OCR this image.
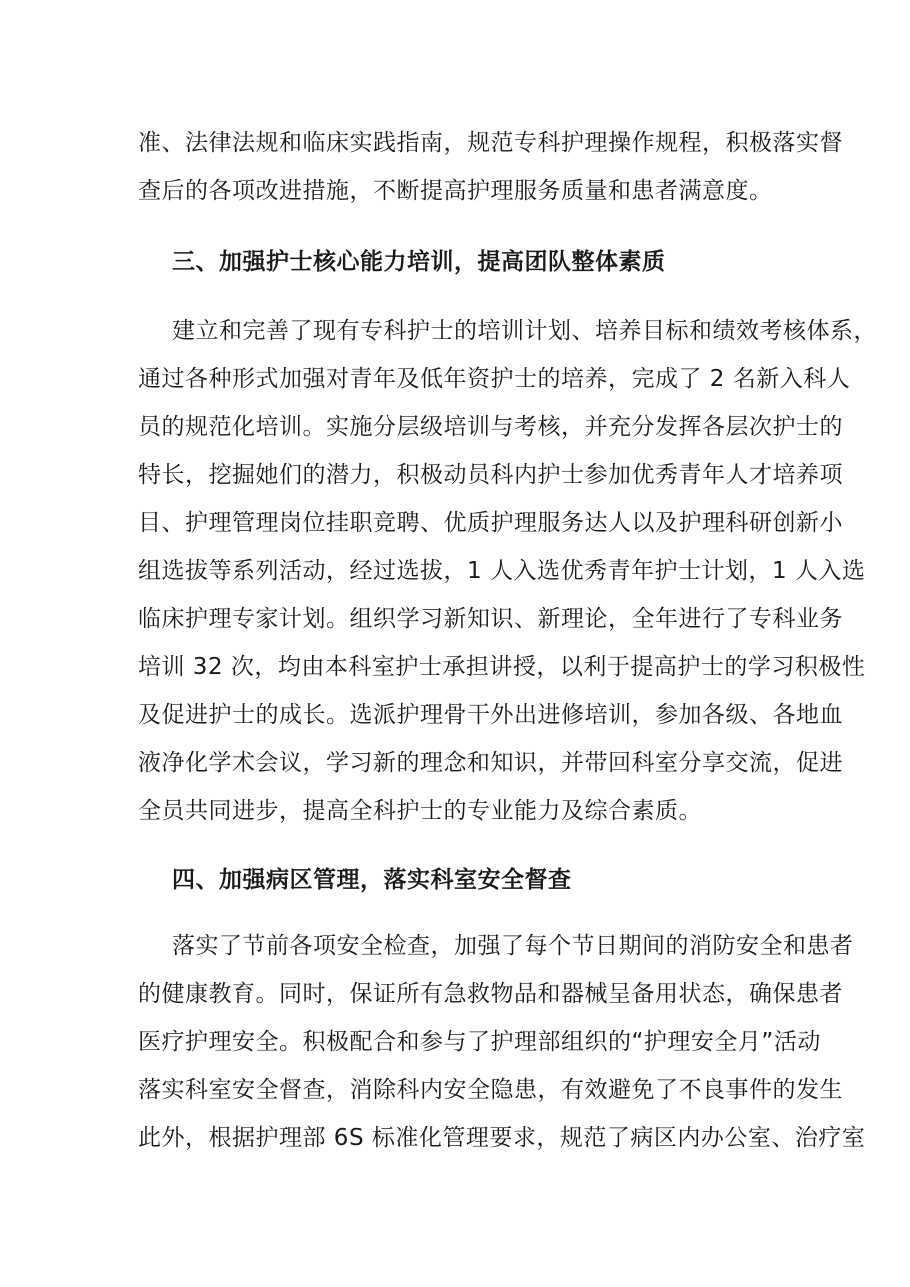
准、法律法规和临床实践指南，规范专科护理操作规程，积极落实督
查后的各项改进措施，不断提高护理服务质量和患者满意度。
三、加强护士核心能力培训，提高团队整体素质
建立和完善了现有专科护士的培训计划、培养目标和绩效考核体系，
通过各种形式加强对青年及低年资护士的培养，完成了 2 名新入科人
员的规范化培训。实施分层级培训与考核，并充分发挥各层次护士的
特长，挖掘她们的潜力，积极动员科内护士参加优秀青年人才培养项
目、护理管理岗位挂职竞聘、优质护理服务达人以及护理科研创新小
组选拔等系列活动，经过选拔，1 人入选优秀青年护士计划，1 人入选
临床护理专家计划。组织学习新知识、新理论，全年进行了专科业务
培训 32 次，均由本科室护士承担讲授，以利于提高护士的学习积极性
及促进护士的成长。选派护理骨干外出进修培训，参加各级、各地血
液净化学术会议，学习新的理念和知识，并带回科室分享交流，促进
全员共同进步，提高全科护士的专业能力及综合素质。
四、加强病区管理，落实科室安全督查
落实了节前各项安全检查，加强了每个节日期间的消防安全和患者
的健康教育。同时，保证所有急救物品和器械呈备用状态，确保患者
医疗护理安全。积极配合和参与了护理部组织的“护理安全月”活动
落实科室安全督查，消除科内安全隐患，有效避免了不良事件的发生
此外，根据护理部 6S 标准化管理要求，规范了病区内办公室、治疗室
